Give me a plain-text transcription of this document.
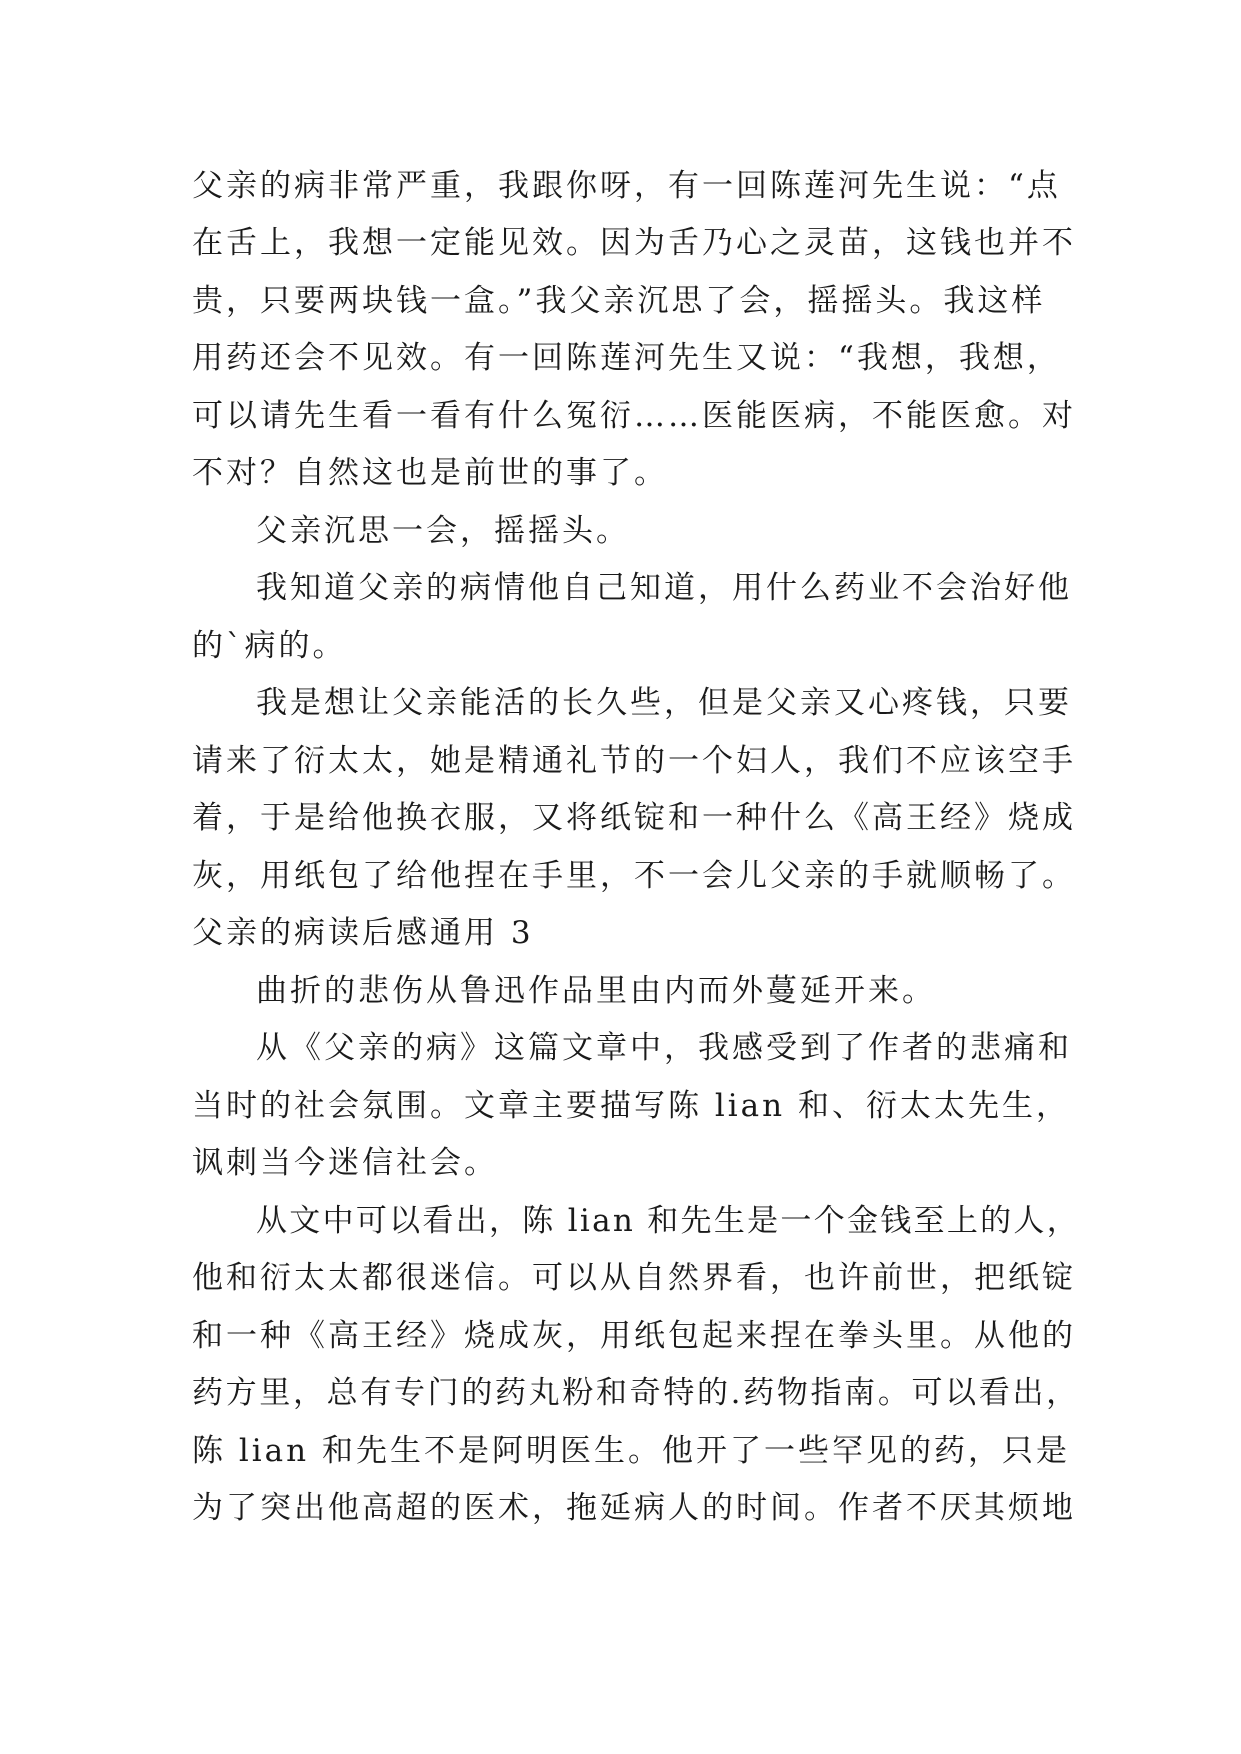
父亲的病非常严重，我跟你呀，有一回陈莲河先生说：“点
在舌上，我想一定能见效。因为舌乃心之灵苗，这钱也并不
贵，只要两块钱一盒。”我父亲沉思了会，摇摇头。我这样
用药还会不见效。有一回陈莲河先生又说：“我想，我想，
可以请先生看一看有什么冤衍……医能医病，不能医愈。对
不对？自然这也是前世的事了。
父亲沉思一会，摇摇头。
我知道父亲的病情他自己知道，用什么药业不会治好他
的`病的。
我是想让父亲能活的长久些，但是父亲又心疼钱，只要
请来了衍太太，她是精通礼节的一个妇人，我们不应该空手
着，于是给他换衣服，又将纸锭和一种什么《高王经》烧成
灰，用纸包了给他捏在手里，不一会儿父亲的手就顺畅了。
父亲的病读后感通用 3
曲折的悲伤从鲁迅作品里由内而外蔓延开来。
从《父亲的病》这篇文章中，我感受到了作者的悲痛和
当时的社会氛围。文章主要描写陈 lian 和、衍太太先生，
讽刺当今迷信社会。
从文中可以看出，陈 lian 和先生是一个金钱至上的人，
他和衍太太都很迷信。可以从自然界看，也许前世，把纸锭
和一种《高王经》烧成灰，用纸包起来捏在拳头里。从他的
药方里，总有专门的药丸粉和奇特的.药物指南。可以看出，
陈 lian 和先生不是阿明医生。他开了一些罕见的药，只是
为了突出他高超的医术，拖延病人的时间。作者不厌其烦地
